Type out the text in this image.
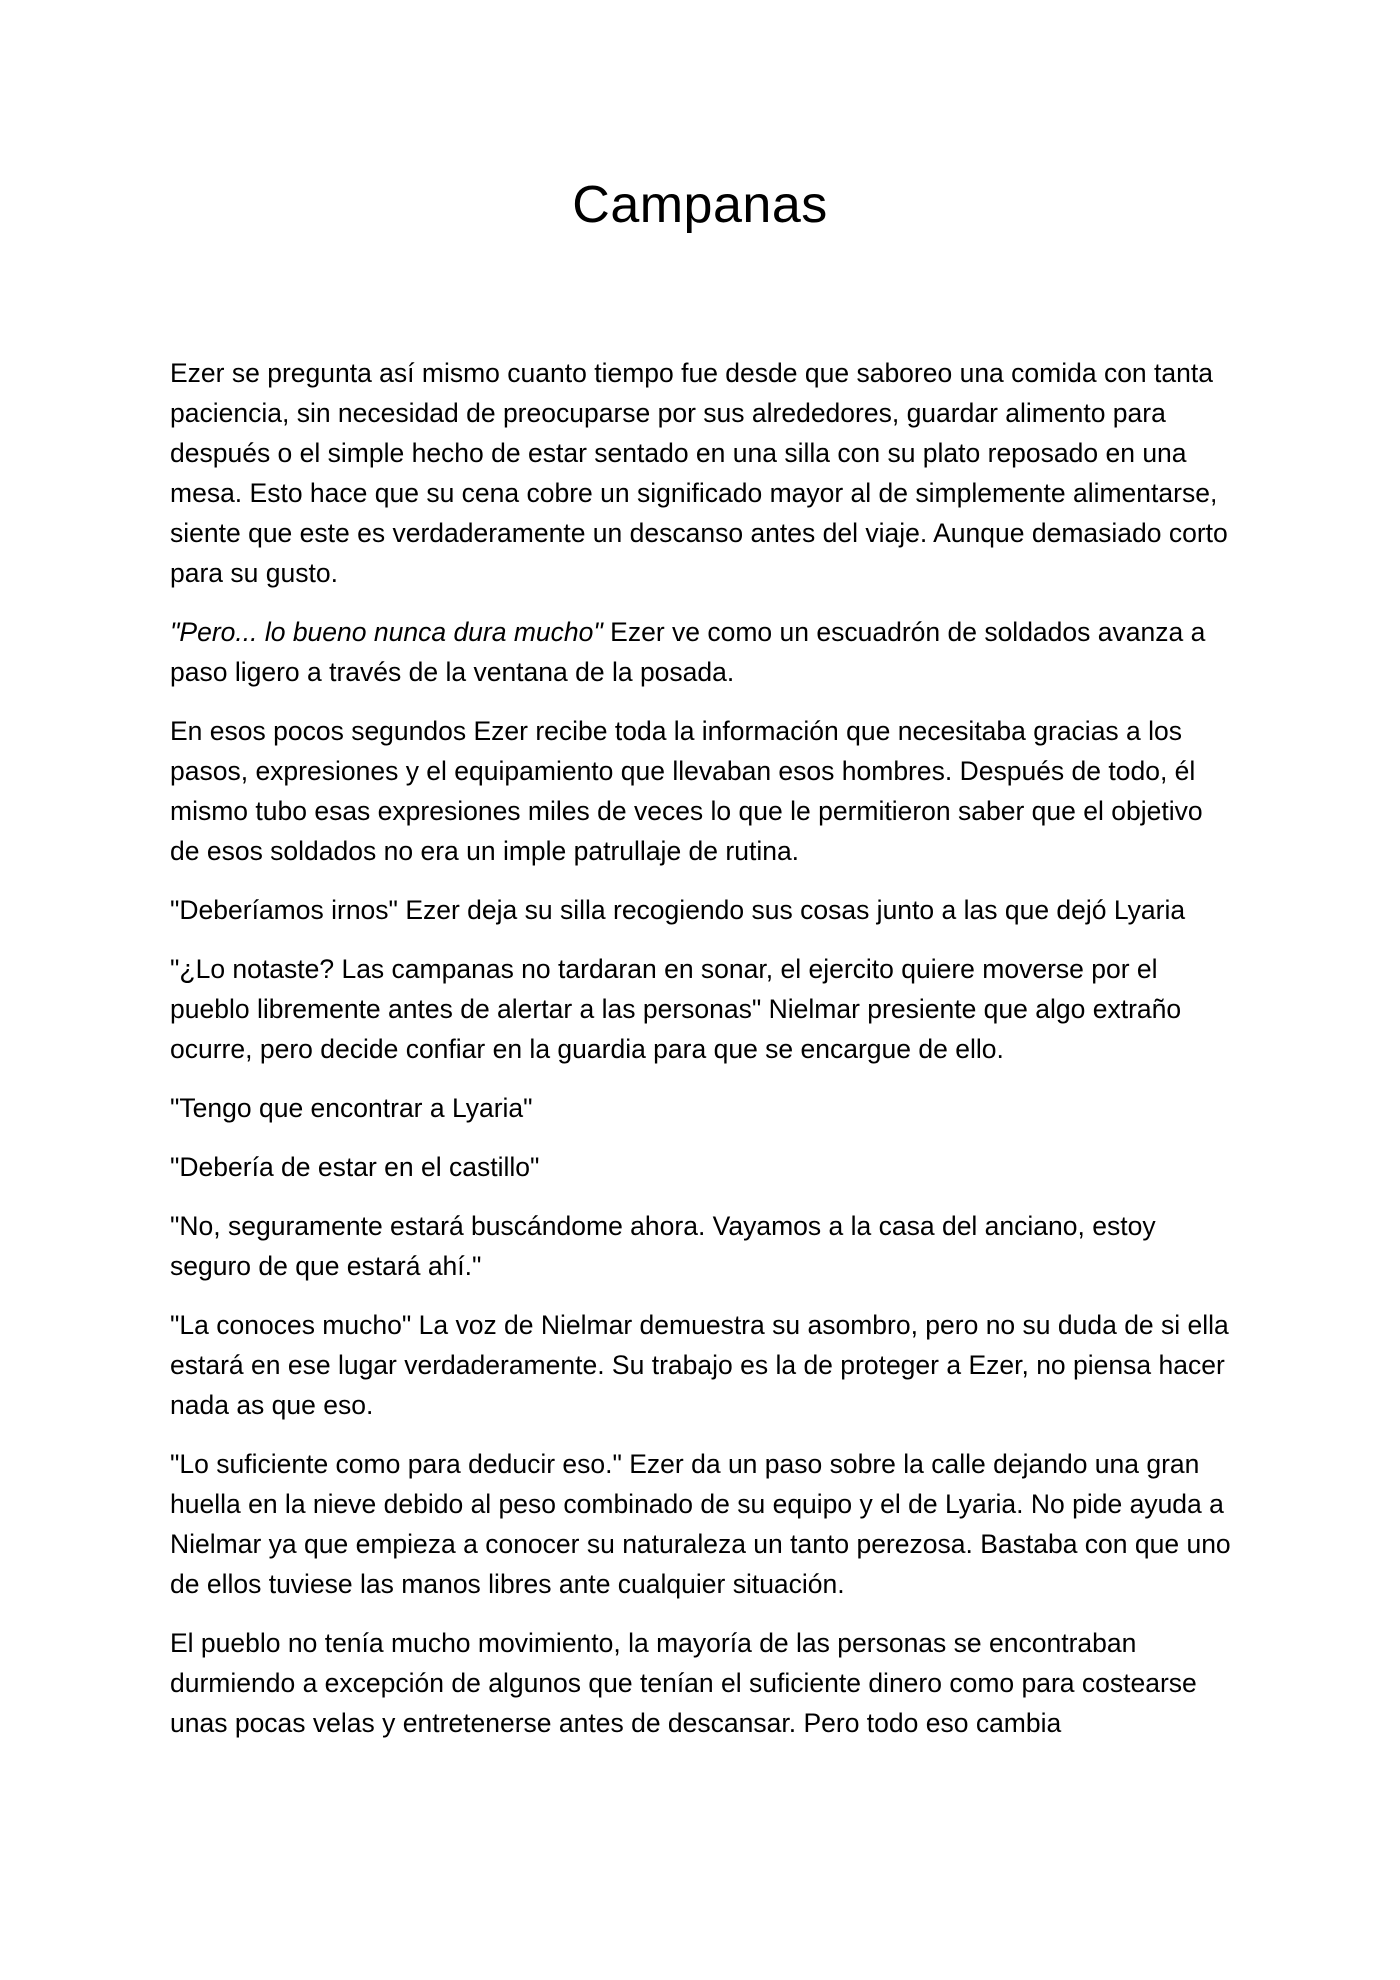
Campanas

Ezer se pregunta así mismo cuanto tiempo fue desde que saboreo una comida con tanta paciencia, sin necesidad de preocuparse por sus alrededores, guardar alimento para después o el simple hecho de estar sentado en una silla con su plato reposado en una mesa. Esto hace que su cena cobre un significado mayor al de simplemente alimentarse, siente que este es verdaderamente un descanso antes del viaje. Aunque demasiado corto para su gusto.

"Pero... lo bueno nunca dura mucho" Ezer ve como un escuadrón de soldados avanza a paso ligero a través de la ventana de la posada.

En esos pocos segundos Ezer recibe toda la información que necesitaba gracias a los pasos, expresiones y el equipamiento que llevaban esos hombres. Después de todo, él mismo tubo esas expresiones miles de veces lo que le permitieron saber que el objetivo de esos soldados no era un imple patrullaje de rutina.

"Deberíamos irnos" Ezer deja su silla recogiendo sus cosas junto a las que dejó Lyaria

"¿Lo notaste? Las campanas no tardaran en sonar, el ejercito quiere moverse por el pueblo libremente antes de alertar a las personas" Nielmar presiente que algo extraño ocurre, pero decide confiar en la guardia para que se encargue de ello.

"Tengo que encontrar a Lyaria"

"Debería de estar en el castillo"

"No, seguramente estará buscándome ahora. Vayamos a la casa del anciano, estoy seguro de que estará ahí."

"La conoces mucho" La voz de Nielmar demuestra su asombro, pero no su duda de si ella estará en ese lugar verdaderamente. Su trabajo es la de proteger a Ezer, no piensa hacer nada as que eso.

"Lo suficiente como para deducir eso." Ezer da un paso sobre la calle dejando una gran huella en la nieve debido al peso combinado de su equipo y el de Lyaria. No pide ayuda a Nielmar ya que empieza a conocer su naturaleza un tanto perezosa. Bastaba con que uno de ellos tuviese las manos libres ante cualquier situación.

El pueblo no tenía mucho movimiento, la mayoría de las personas se encontraban durmiendo a excepción de algunos que tenían el suficiente dinero como para costearse unas pocas velas y entretenerse antes de descansar. Pero todo eso cambia
